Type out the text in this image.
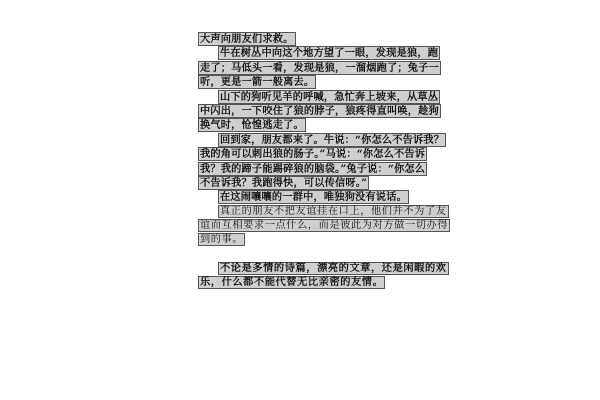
大声向朋友们求救。
牛在树丛中向这个地方望了一眼，发现是狼，跑
走了；马低头一看，发现是狼，一溜烟跑了；兔子一
听，更是一箭一般离去。
山下的狗听见羊的呼喊，急忙奔上坡来，从草丛
中闪出，一下咬住了狼的脖子，狼疼得直叫唤，趁狗
换气时，怆惶逃走了。
回到家，朋友都来了。牛说：“你怎么不告诉我？
我的角可以刺出狼的肠子。”马说：“你怎么不告诉
我？我的蹄子能踢碎狼的脑袋。”兔子说：“你怎么
不告诉我？我跑得快，可以传信呀。”
在这闹嚷嚷的一群中，唯独狗没有说话。
真正的朋友不把友谊挂在口上，他们并不为了友
谊而互相要求一点什么，而是彼此为对方做一切办得
到的事。
不论是多情的诗篇，漂亮的文章，还是闲暇的欢
乐，什么都不能代替无比亲密的友情。
